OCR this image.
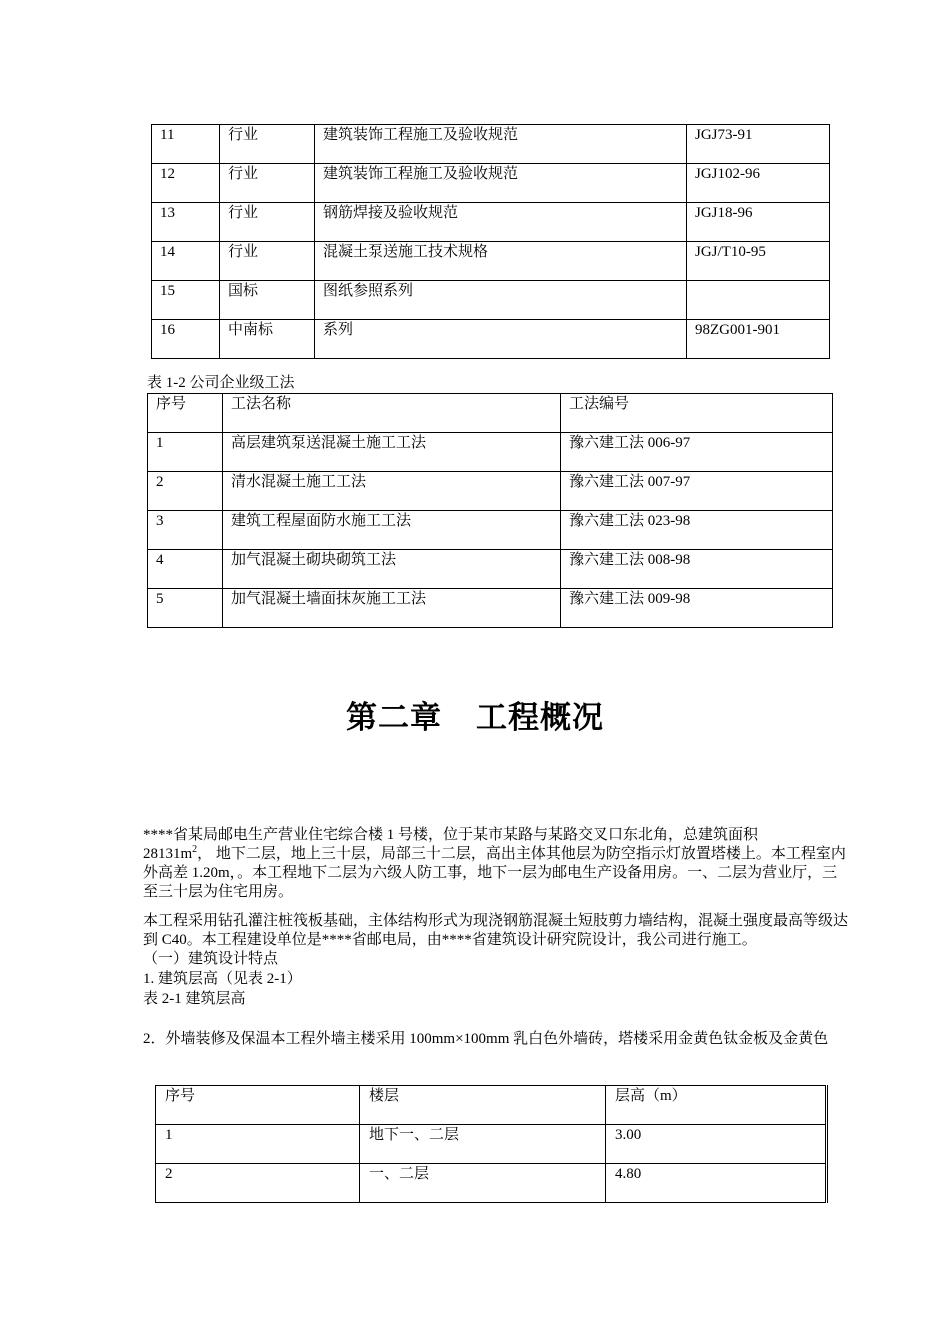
11	行业	建筑装饰工程施工及验收规范	JGJ73-91
12	行业	建筑装饰工程施工及验收规范	JGJ102-96
13	行业	钢筋焊接及验收规范	JGJ18-96
14	行业	混凝土泵送施工技术规格	JGJ/T10-95
15	国标	图纸参照系列	
16	中南标	系列	98ZG001-901
表 1-2 公司企业级工法
序号	工法名称	工法编号
1	高层建筑泵送混凝土施工工法	豫六建工法 006-97
2	清水混凝土施工工法	豫六建工法 007-97
3	建筑工程屋面防水施工工法	豫六建工法 023-98
4	加气混凝土砌块砌筑工法	豫六建工法 008-98
5	加气混凝土墙面抹灰施工工法	豫六建工法 009-98
第二章 工程概况

****省某局邮电生产营业住宅综合楼 1 号楼，位于某市某路与某路交叉口东北角，总建筑面积
$28131m^2$， 地下二层，地上三十层，局部三十二层，高出主体其他层为防空指示灯放置塔楼上。本工程室内外高差 1.20m，。本工程地下二层为六级人防工事，地下一层为邮电生产设备用房。一、二层为营业厅，三至三十层为住宅用房。

本工程采用钻孔灌注桩筏板基础，主体结构形式为现浇钢筋混凝土短肢剪力墙结构，混凝土强度最高等级达到 C40。本工程建设单位是****省邮电局，由****省建筑设计研究院设计，我公司进行施工。

（一）建筑设计特点

1. 建筑层高（见表 2-1）

表 2-1 建筑层高

2．外墙装修及保温本工程外墙主楼采用 100mm×100mm 乳白色外墙砖，塔楼采用金黄色钛金板及金黄色

序号	楼层	层高（m）
1	地下一、二层	3.00
2	一、二层	4.80
